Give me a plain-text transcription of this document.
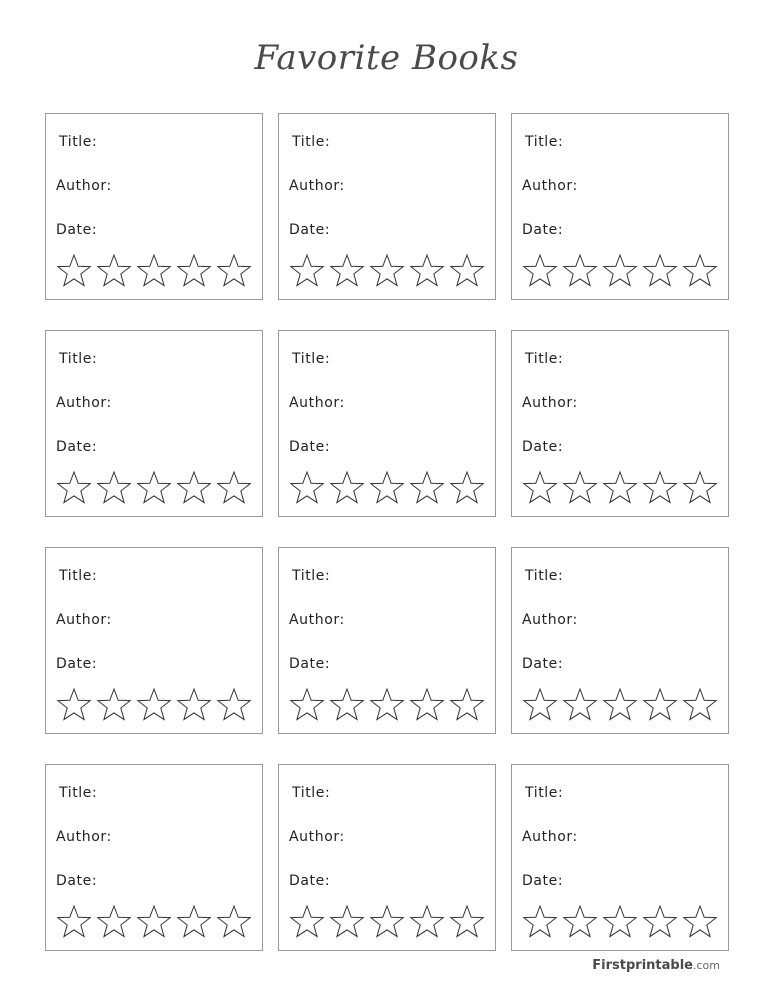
Favorite Books
Title:
Author:
Date:
Title:
Author:
Date:
Title:
Author:
Date:
Title:
Author:
Date:
Title:
Author:
Date:
Title:
Author:
Date:
Title:
Author:
Date:
Title:
Author:
Date:
Title:
Author:
Date:
Title:
Author:
Date:
Title:
Author:
Date:
Title:
Author:
Date:
Firstprintable.com
